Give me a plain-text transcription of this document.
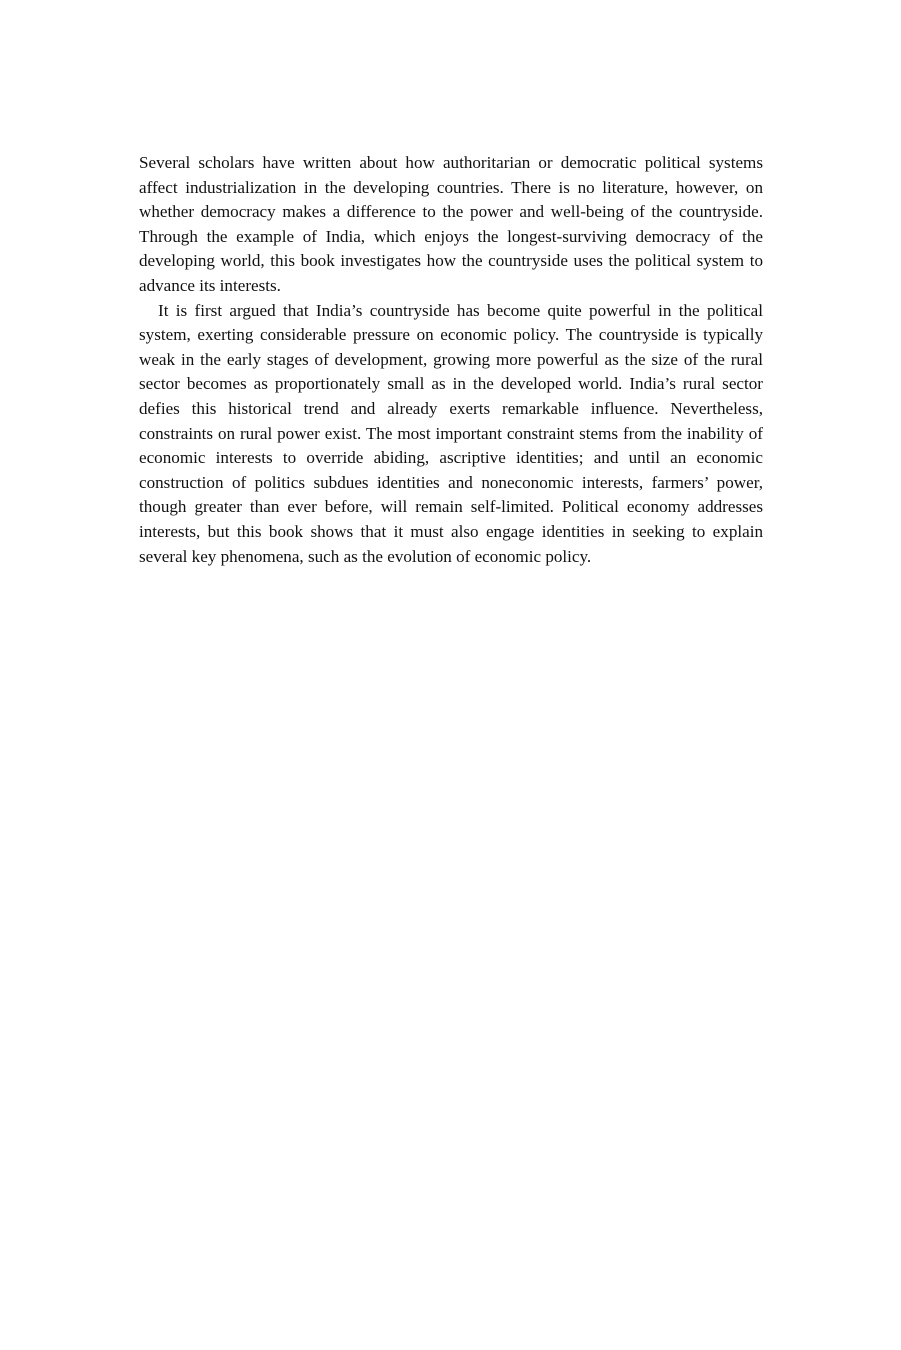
Several scholars have written about how authoritarian or democratic political systems affect industrialization in the developing countries. There is no literature, however, on whether democracy makes a difference to the power and well-being of the countryside. Through the example of India, which enjoys the longest-surviving democracy of the developing world, this book investigates how the countryside uses the political system to advance its interests.

It is first argued that India’s countryside has become quite powerful in the political system, exerting considerable pressure on economic policy. The countryside is typically weak in the early stages of development, growing more powerful as the size of the rural sector becomes as proportionately small as in the developed world. India’s rural sector defies this historical trend and already exerts remarkable influence. Nevertheless, constraints on rural power exist. The most important constraint stems from the inability of economic interests to override abiding, ascriptive identities; and until an economic construction of politics subdues identities and noneconomic interests, farmers’ power, though greater than ever before, will remain self-limited. Political economy addresses interests, but this book shows that it must also engage identities in seeking to explain several key phenomena, such as the evolution of economic policy.
